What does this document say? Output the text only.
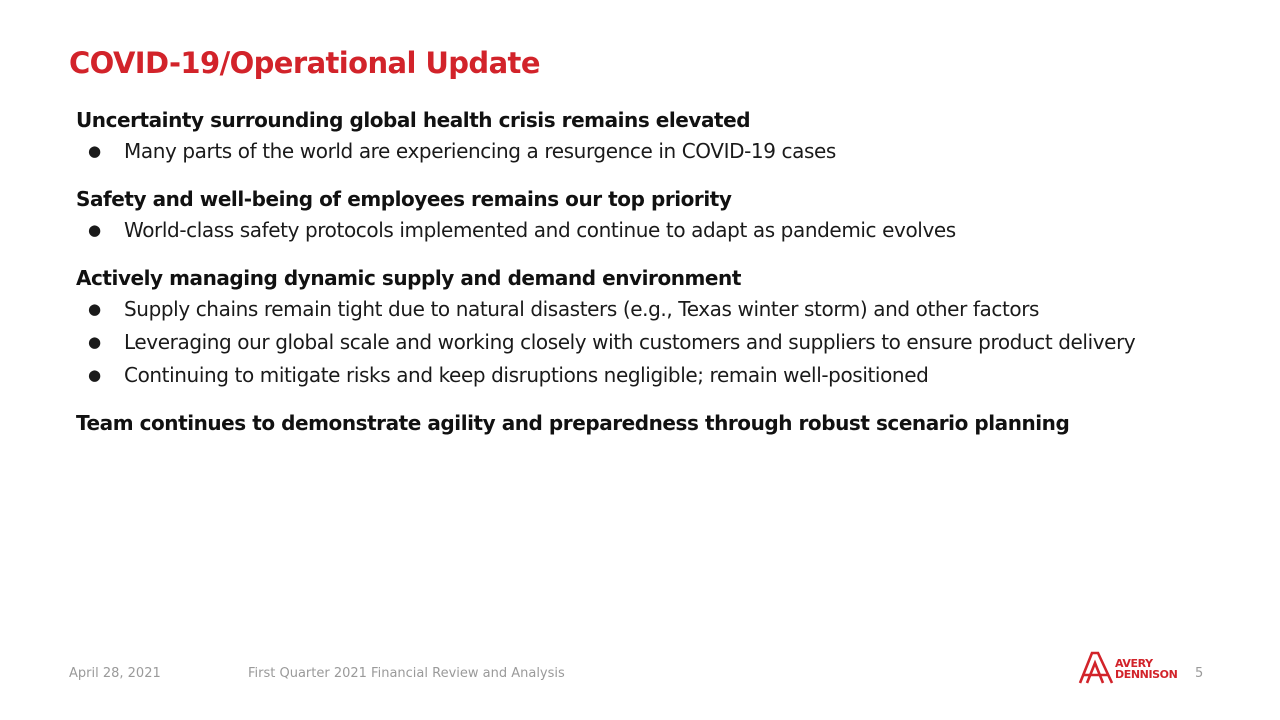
COVID-19/Operational Update
Uncertainty surrounding global health crisis remains elevated
● Many parts of the world are experiencing a resurgence in COVID-19 cases
Safety and well-being of employees remains our top priority
● World-class safety protocols implemented and continue to adapt as pandemic evolves
Actively managing dynamic supply and demand environment
● Supply chains remain tight due to natural disasters (e.g., Texas winter storm) and other factors
● Leveraging our global scale and working closely with customers and suppliers to ensure product delivery
● Continuing to mitigate risks and keep disruptions negligible; remain well-positioned
Team continues to demonstrate agility and preparedness through robust scenario planning
April 28, 2021	First Quarter 2021 Financial Review and Analysis
AVERY
DENNISON 5
